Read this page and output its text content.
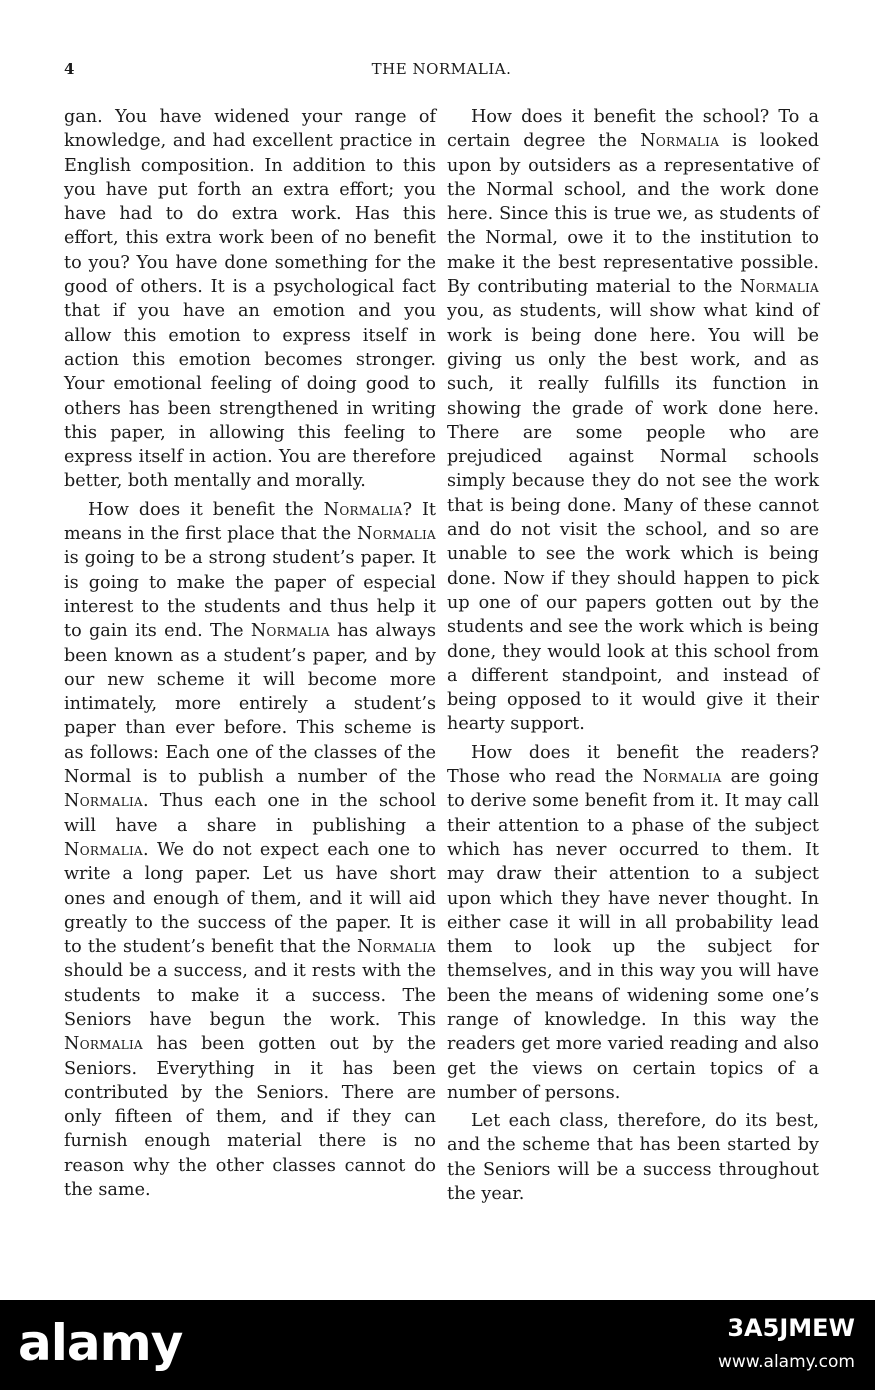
4	THE NORMALIA.

gan. You have widened your range of knowledge, and had excellent practice in English composition. In addition to this you have put forth an extra effort; you have had to do extra work. Has this effort, this extra work been of no benefit to you? You have done something for the good of others. It is a psychological fact that if you have an emotion and you allow this emotion to express itself in action this emotion becomes stronger. Your emotional feeling of doing good to others has been strengthened in writing this paper, in allowing this feeling to express itself in action. You are therefore better, both mentally and morally.

How does it benefit the Normalia? It means in the first place that the Normalia is going to be a strong student’s paper. It is going to make the paper of especial interest to the students and thus help it to gain its end. The Normalia has always been known as a student’s paper, and by our new scheme it will become more intimately, more entirely a student’s paper than ever before. This scheme is as follows: Each one of the classes of the Normal is to publish a number of the Normalia. Thus each one in the school will have a share in publishing a Normalia. We do not expect each one to write a long paper. Let us have short ones and enough of them, and it will aid greatly to the success of the paper. It is to the student’s benefit that the Normalia should be a success, and it rests with the students to make it a success. The Seniors have begun the work. This Normalia has been gotten out by the Seniors. Everything in it has been contributed by the Seniors. There are only fifteen of them, and if they can furnish enough material there is no reason why the other classes cannot do the same.

How does it benefit the school? To a certain degree the Normalia is looked upon by outsiders as a representative of the Normal school, and the work done here. Since this is true we, as students of the Normal, owe it to the institution to make it the best representative possible. By contributing material to the Normalia you, as students, will show what kind of work is being done here. You will be giving us only the best work, and as such, it really fulfills its function in showing the grade of work done here. There are some people who are prejudiced against Normal schools simply because they do not see the work that is being done. Many of these cannot and do not visit the school, and so are unable to see the work which is being done. Now if they should happen to pick up one of our papers gotten out by the students and see the work which is being done, they would look at this school from a different standpoint, and instead of being opposed to it would give it their hearty support.

How does it benefit the readers? Those who read the Normalia are going to derive some benefit from it. It may call their attention to a phase of the subject which has never occurred to them. It may draw their attention to a subject upon which they have never thought. In either case it will in all probability lead them to look up the subject for themselves, and in this way you will have been the means of widening some one’s range of knowledge. In this way the readers get more varied reading and also get the views on certain topics of a number of persons.

Let each class, therefore, do its best, and the scheme that has been started by the Seniors will be a success throughout the year.

alamy	3A5JMEW
www.alamy.com
